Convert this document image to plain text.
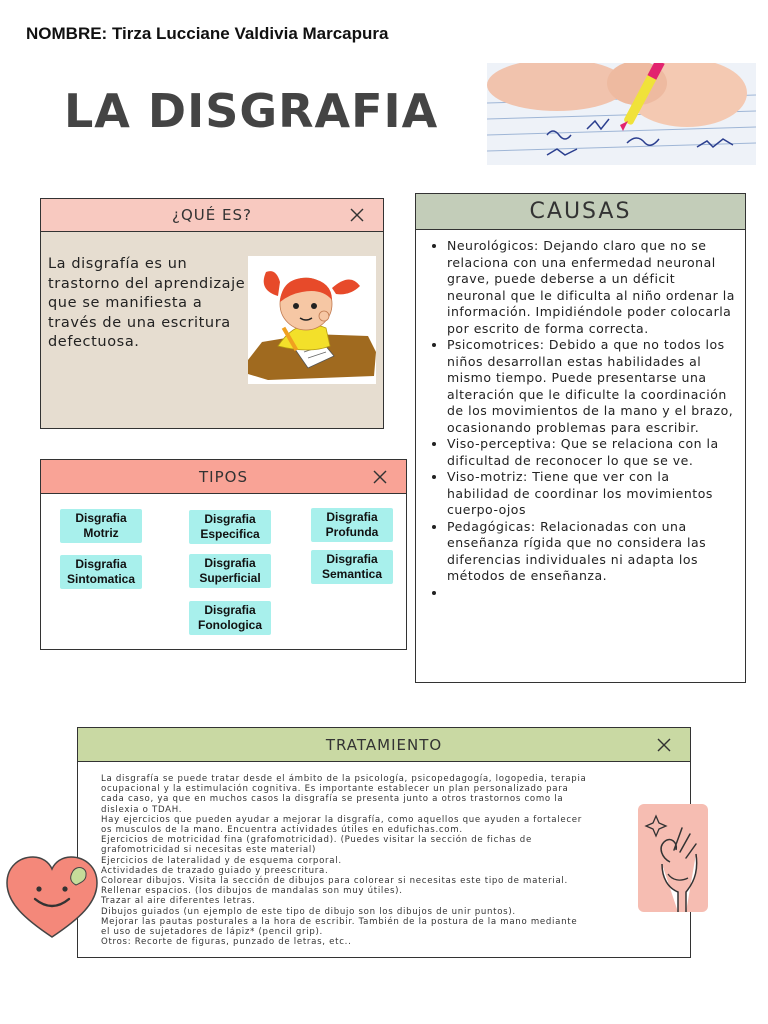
NOMBRE: Tirza Lucciane Valdivia Marcapura
LA DISGRAFIA
¿QUÉ ES?
La disgrafía es un trastorno del aprendizaje que se manifiesta a través de una escritura defectuosa.
CAUSAS
• Neurológicos: Dejando claro que no se relaciona con una enfermedad neuronal grave, puede deberse a un déficit neuronal que le dificulta al niño ordenar la información. Impidiéndole poder colocarla por escrito de forma correcta.
• Psicomotrices: Debido a que no todos los niños desarrollan estas habilidades al mismo tiempo. Puede presentarse una alteración que le dificulte la coordinación de los movimientos de la mano y el brazo, ocasionando problemas para escribir.
• Viso-perceptiva: Que se relaciona con la dificultad de reconocer lo que se ve.
• Viso-motriz: Tiene que ver con la habilidad de coordinar los movimientos cuerpo-ojos
• Pedagógicas: Relacionadas con una enseñanza rígida que no considera las diferencias individuales ni adapta los métodos de enseñanza.
•
TIPOS
Disgrafia Motriz
Disgrafia Especifica
Disgrafia Profunda
Disgrafia Sintomatica
Disgrafia Superficial
Disgrafia Semantica
Disgrafia Fonologica
TRATAMIENTO
La disgrafía se puede tratar desde el ámbito de la psicología, psicopedagogía, logopedia, terapia
ocupacional y la estimulación cognitiva. Es importante establecer un plan personalizado para
cada caso, ya que en muchos casos la disgrafía se presenta junto a otros trastornos como la
dislexia o TDAH.
Hay ejercicios que pueden ayudar a mejorar la disgrafía, como aquellos que ayuden a fortalecer
os musculos de la mano. Encuentra actividades útiles en edufichas.com.
Ejercicios de motricidad fina (grafomotricidad). (Puedes visitar la sección de fichas de
grafomotricidad si necesitas este material)
Ejercicios de lateralidad y de esquema corporal.
Actividades de trazado guiado y preescritura.
Colorear dibujos. Visita la sección de dibujos para colorear si necesitas este tipo de material.
Rellenar espacios. (los dibujos de mandalas son muy útiles).
Trazar al aire diferentes letras.
Dibujos guiados (un ejemplo de este tipo de dibujo son los dibujos de unir puntos).
Mejorar las pautas posturales a la hora de escribir. También de la postura de la mano mediante
el uso de sujetadores de lápiz* (pencil grip).
Otros: Recorte de figuras, punzado de letras, etc..
